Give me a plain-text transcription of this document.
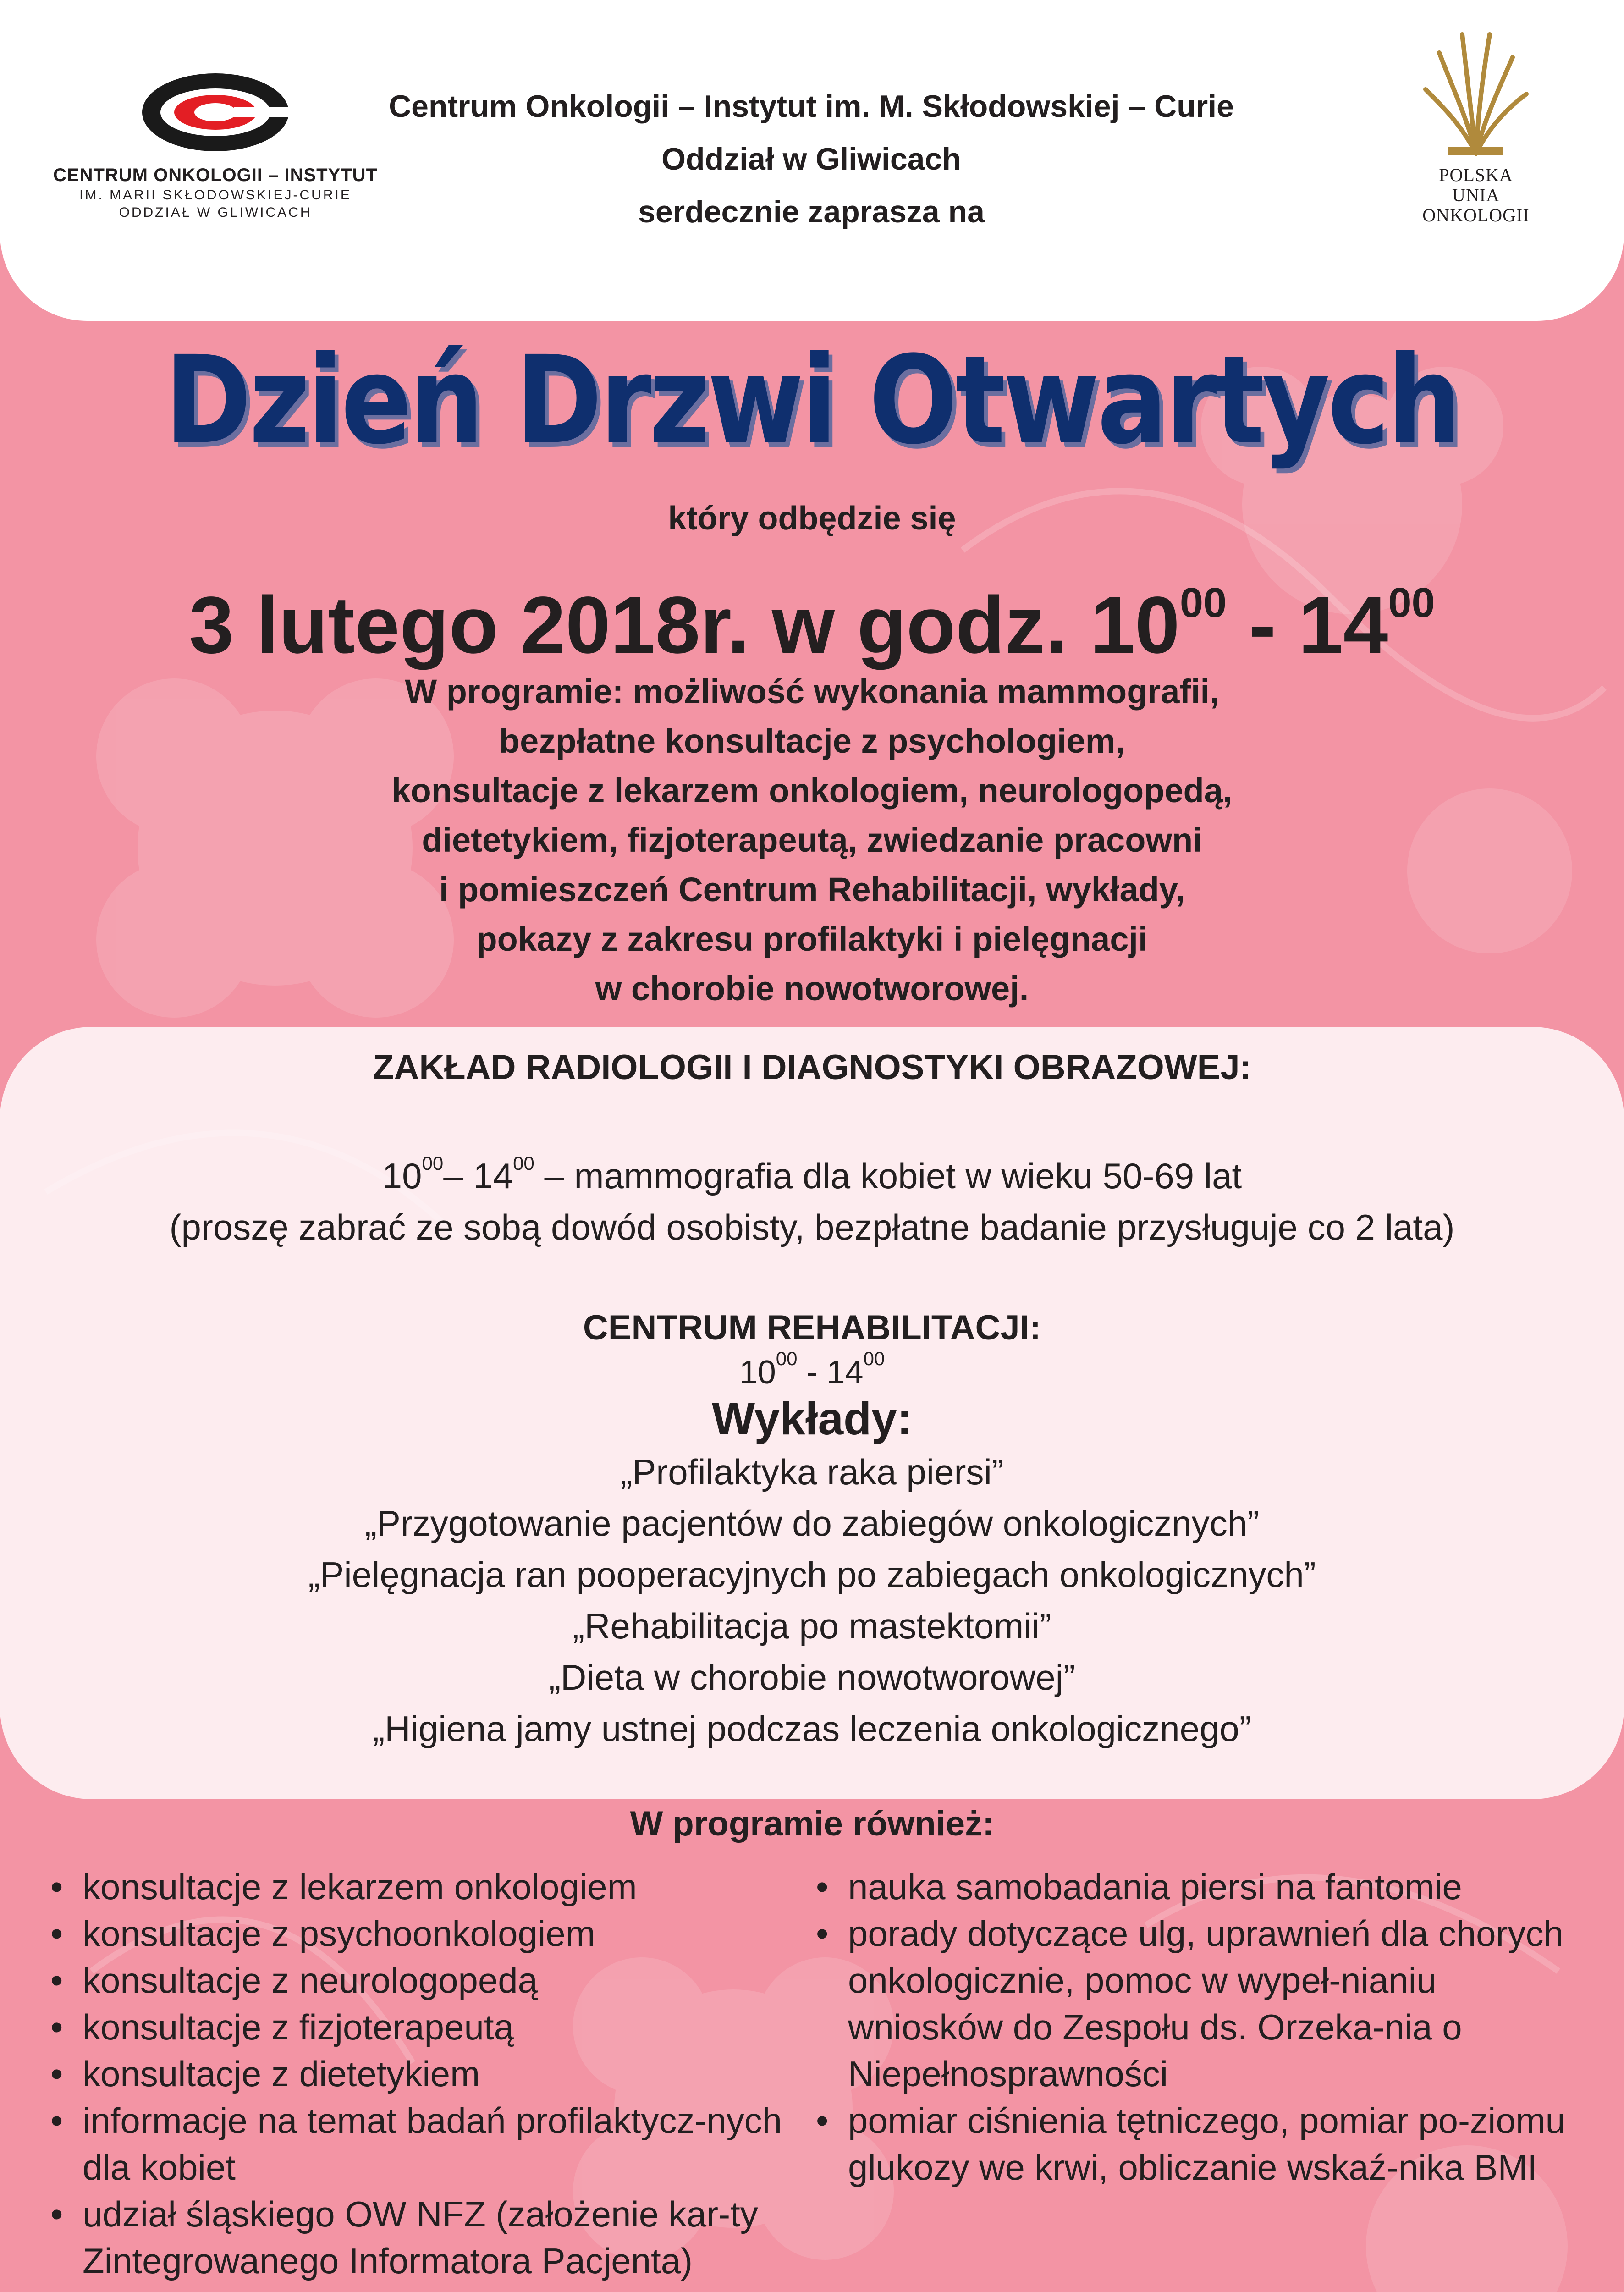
CENTRUM ONKOLOGII – INSTYTUT
IM. MARII SKŁODOWSKIEJ-CURIE
ODDZIAŁ W GLIWICACH
Centrum Onkologii – Instytut im. M. Skłodowskiej – Curie
Oddział w Gliwicach
serdecznie zaprasza na
POLSKA
UNIA
ONKOLOGII
Dzień Drzwi Otwartych
który odbędzie się
3 lutego 2018r. w godz. $10^{00} - 14^{00}$
W programie: możliwość wykonania mammografii,
bezpłatne konsultacje z psychologiem,
konsultacje z lekarzem onkologiem, neurologopedą,
dietetykiem, fizjoterapeutą, zwiedzanie pracowni
i pomieszczeń Centrum Rehabilitacji, wykłady,
pokazy z zakresu profilaktyki i pielęgnacji
w chorobie nowotworowej.
ZAKŁAD RADIOLOGII I DIAGNOSTYKI OBRAZOWEJ:
$10^{00}-$ $14^{00}$ – mammografia dla kobiet w wieku 50-69 lat
(proszę zabrać ze sobą dowód osobisty, bezpłatne badanie przysługuje co 2 lata)
CENTRUM REHABILITACJI:
$10^{00} - 14^{00}$
Wykłady:
„Profilaktyka raka piersi”
„Przygotowanie pacjentów do zabiegów onkologicznych”
„Pielęgnacja ran pooperacyjnych po zabiegach onkologicznych”
„Rehabilitacja po mastektomii”
„Dieta w chorobie nowotworowej”
„Higiena jamy ustnej podczas leczenia onkologicznego”
W programie również:
• konsultacje z lekarzem onkologiem
• konsultacje z psychoonkologiem
• konsultacje z neurologopedą
• konsultacje z fizjoterapeutą
• konsultacje z dietetykiem
• informacje na temat badań profilaktycz-nych dla kobiet
• udział śląskiego OW NFZ (założenie kar-ty Zintegrowanego Informatora Pacjenta)
• nauka samobadania piersi na fantomie
• porady dotyczące ulg, uprawnień dla chorych onkologicznie, pomoc w wypeł-nianiu wniosków do Zespołu ds. Orzeka-nia o Niepełnosprawności
• pomiar ciśnienia tętniczego, pomiar po-ziomu glukozy we krwi, obliczanie wskaź-nika BMI
